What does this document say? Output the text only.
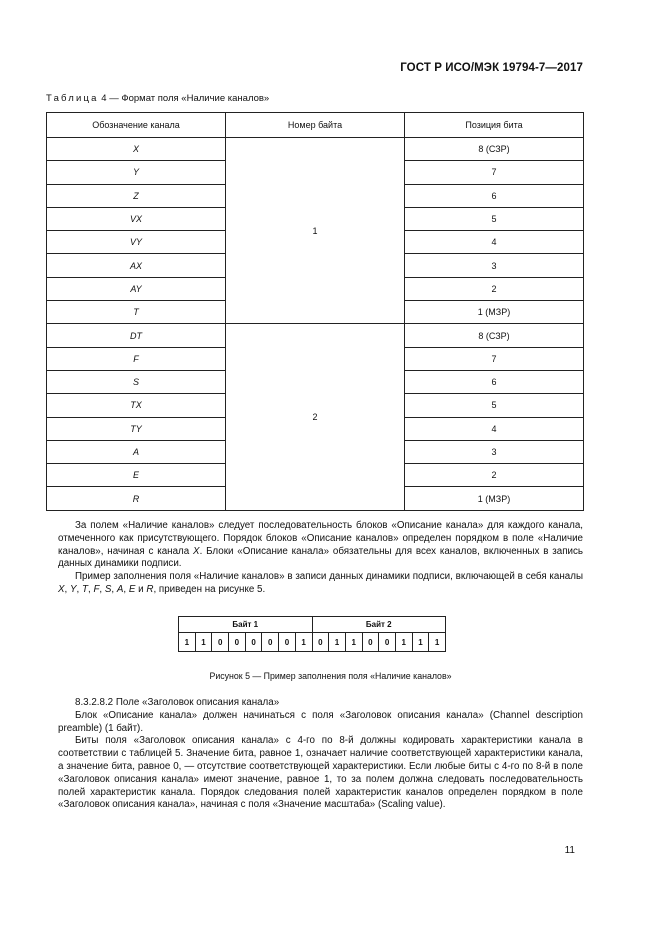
ГОСТ Р ИСО/МЭК 19794-7—2017
Таблица 4 — Формат поля «Наличие каналов»
Обозначение канала	Номер байта	Позиция бита
X	1	8 (СЗР)
Y		7
Z		6
VX		5
VY		4
AX		3
AY		2
T		1 (МЗР)
DT	2	8 (СЗР)
F		7
S		6
TX		5
TY		4
A		3
E		2
R		1 (МЗР)

За полем «Наличие каналов» следует последовательность блоков «Описание канала» для каждого канала, отмеченного как присутствующего. Порядок блоков «Описание каналов» определен порядком в поле «Наличие каналов», начиная с канала X. Блоки «Описание канала» обязательны для всех каналов, включенных в запись данных динамики подписи.

Пример заполнения поля «Наличие каналов» в записи данных динамики подписи, включающей в себя каналы X, Y, T, F, S, A, E и R, приведен на рисунке 5.

Байт 1								Байт 2							
1	1	0	0	0	0	0	1	0	1	1	0	0	1	1	1
Рисунок 5 — Пример заполнения поля «Наличие каналов»

8.3.2.8.2 Поле «Заголовок описания канала»

Блок «Описание канала» должен начинаться с поля «Заголовок описания канала» (Channel description preamble) (1 байт).

Биты поля «Заголовок описания канала» с 4-го по 8-й должны кодировать характеристики канала в соответствии с таблицей 5. Значение бита, равное 1, означает наличие соответствующей характеристики канала, а значение бита, равное 0, — отсутствие соответствующей характеристики. Если любые биты с 4-го по 8-й в поле «Заголовок описания канала» имеют значение, равное 1, то за полем должна следовать последовательность полей характеристик канала. Порядок следования полей характеристик каналов определен порядком в поле «Заголовок описания канала», начиная с поля «Значение масштаба» (Scaling value).

11
